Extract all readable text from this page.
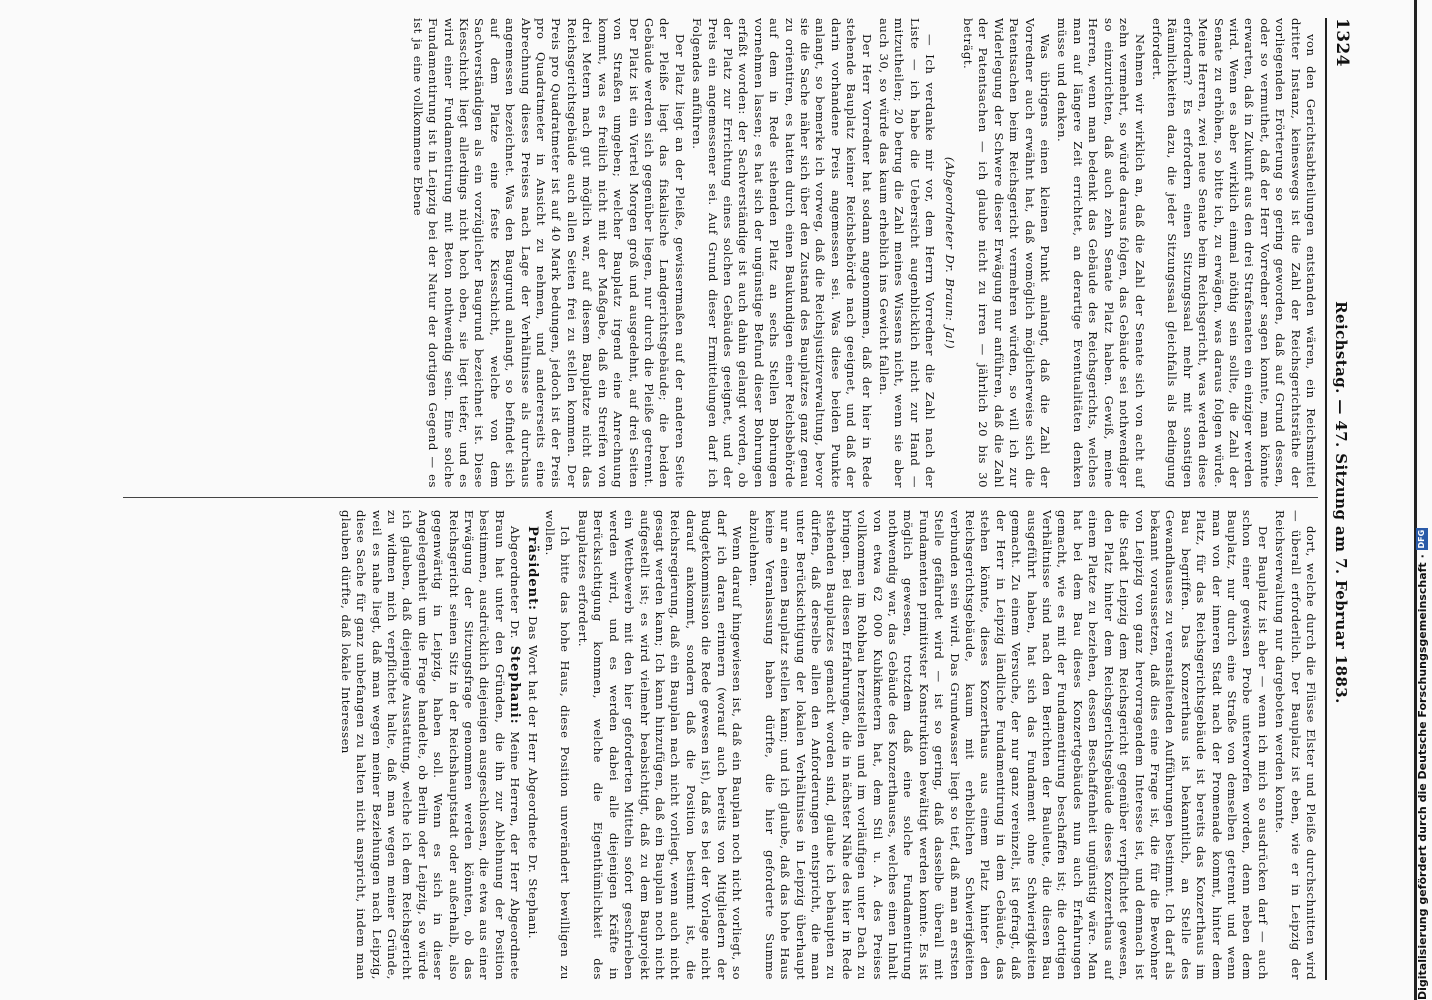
1324
Reichstag. — 47. Sitzung am 7. Februar 1883.

von den Gerichtsabtheilungen entstanden wären, ein Reichsmittel dritter Instanz, keineswegs ist die Zahl der Reichsgerichtsräthe der vorliegenden Erörterung so gering geworden, daß auf Grund dessen, oder so vermuthet, daß der Herr Vorredner sagen konnte, man könnte erwarten, daß in Zukunft aus den drei Strafsenaten ein einziger werden wird. Wenn es aber wirklich einmal nöthig sein sollte, die Zahl der Senate zu erhöhen, so bitte ich, zu erwägen, was daraus folgen würde. Meine Herren, zwei neue Senate beim Reichsgericht, was werden diese erfordern? Es erfordern einen Sitzungssaal mehr mit sonstigen Räumlichkeiten dazu, die jeder Sitzungssaal gleichfalls als Bedingung erfordert.

Nehmen wir wirklich an, daß die Zahl der Senate sich von acht auf zehn vermehrt, so würde daraus folgen, das Gebäude sei nothwendiger so einzurichten, daß auch zehn Senate Platz haben. Gewiß, meine Herren, wenn man bedenkt das Gebäude des Reichsgerichts, welches man auf längere Zeit errichtet, an derartige Eventualitäten denken müsse und denken.

Was übrigens einen kleinen Punkt anlangt, daß die Zahl der Vorredner auch erwähnt hat, daß womöglich möglicherweise sich die Patentsachen beim Reichsgericht vermehren würden, so will ich zur Widerlegung der Schwere dieser Erwägung nur anführen, daß die Zahl der Patentsachen — ich glaube nicht zu irren — jährlich 20 bis 30 beträgt.

(Abgeordneter Dr. Braun: Ja!)

— Ich verdanke mir vor, dem Herrn Vorredner die Zahl nach der Liste — ich habe die Uebersicht augenblicklich nicht zur Hand — mitzutheilen; 20 betrug die Zahl meines Wissens nicht, wenn sie aber auch 30, so würde das kaum erheblich ins Gewicht fallen.

Der Herr Vorredner hat sodann angenommen, daß der hier in Rede stehende Bauplatz keiner Reichsbehörde nach geeignet, und daß der darin vorhandene Preis angemessen sei. Was diese beiden Punkte anlangt, so bemerke ich vorweg, daß die Reichsjustizverwaltung, bevor sie die Sache näher sich über den Zustand des Bauplatzes ganz genau zu orientiren, es hatten durch einen Baukundigen einer Reichsbehörde auf dem in Rede stehenden Platz an sechs Stellen Bohrungen vornehmen lassen; es hat sich der ungünstige Befund dieser Bohrungen erfaßt worden: der Sachverständige ist auch dahin gelangt worden, ob der Platz zur Errichtung eines solchen Gebäudes geeignet, und der Preis ein angemessener sei. Auf Grund dieser Ermittelungen darf ich Folgendes anführen.

Der Platz liegt an der Pleiße, gewissermaßen auf der anderen Seite der Pleiße liegt das fiskalische Landgerichtsgebäude; die beiden Gebäude werden sich gegenüber liegen, nur durch die Pleiße getrennt. Der Platz ist ein Viertel Morgen groß und ausgedehnt, auf drei Seiten von Straßen umgeben; welcher Bauplatz irgend eine Anrechnung kommt, was es freilich nicht mit der Maßgabe, daß ein Streifen von drei Metern nach gut möglich war, auf diesem Bauplatze nicht das Reichsgerichtsgebäude auch allen Seiten frei zu stellen kommen. Der Preis pro Quadratmeter ist auf 40 Mark bedungen, jedoch ist der Preis pro Quadratmeter in Ansicht zu nehmen, und andererseits eine Abrechnung dieses Preises nach Lage der Verhältnisse als durchaus angemessen bezeichnet. Was den Baugrund anlangt, so befindet sich auf dem Platze eine feste Kiesschicht, welche von dem Sachverständigen als ein vorzüglicher Baugrund bezeichnet ist. Diese Kiesschicht liegt allerdings nicht hoch oben, sie liegt tiefer, und es wird einer Fundamentirung mit Beton nothwendig sein. Eine solche Fundamentirung ist in Leipzig bei der Natur der dortigen Gegend — es ist ja eine vollkommene Ebene

dort, welche durch die Flüsse Elster und Pleiße durchschnitten wird — überall erforderlich. Der Bauplatz ist eben, wie er in Leipzig der Reichsverwaltung nur dargeboten werden konnte.

Der Bauplatz ist aber — wenn ich mich so ausdrücken darf — auch schon einer gewissen Probe unterworfen worden, denn neben dem Bauplatz, nur durch eine Straße von demselben getrennt und wenn man von der inneren Stadt nach der Promenade kommt, hinter dem Platz, für das Reichsgerichtsgebäude ist bereits das Konzerthaus im Bau begriffen. Das Konzerthaus ist bekanntlich, an Stelle des Gewandhauses zu veranstaltenden Aufführungen bestimmt. Ich darf als bekannt voraussetzen, daß dies eine Frage ist, die für die Bewohner von Leipzig von ganz hervorragendem Interesse ist, und demnach ist die Stadt Leipzig dem Reichsgericht gegenüber verpflichtet gewesen, den Platz hinter dem Reichsgerichtsgebäude dieses Konzerthaus auf einem Platze zu beziehen, dessen Beschaffenheit ungünstig wäre. Man hat bei dem Bau dieses Konzertgebäudes nun auch Erfahrungen gemacht, wie es mit der Fundamentirung beschaffen ist; die dortigen Verhältnisse sind nach den Berichten der Bauleute, die diesen Bau ausgeführt haben, hat sich das Fundament ohne Schwierigkeiten gemacht. Zu einem Versuche, der nur ganz vereinzelt, ist gefragt, daß der Herr in Leipzig ländliche Fundamentirung in dem Gebäude, das stehen könnte, dieses Konzerthaus aus einem Platz hinter den Reichsgerichtsgebäude, kaum mit erheblichen Schwierigkeiten verbunden sein wird. Das Grundwasser liegt so tief, daß man an ersten Stelle gefährdet wird — ist so gering, daß dasselbe überall mit Fundamenten primitivster Konstruktion bewältigt werden konnte. Es ist möglich gewesen, trotzdem daß eine solche Fundamentirung nothwendig war, das Gebäude des Konzerthauses, welches einen Inhalt von etwa 62 000 Kubikmetern hat, dem Stil u. A. des Preises vollkommen im Rohbau herzustellen und im vorläufigen unter Dach zu bringen. Bei diesen Erfahrungen, die in nächster Nähe des hier in Rede stehenden Bauplatzes gemacht worden sind, glaube ich behaupten zu dürfen, daß derselbe allen den Anforderungen entspricht, die man unter Berücksichtigung der lokalen Verhältnisse in Leipzig überhaupt nur an einen Bauplatz stellen kann; und ich glaube, daß das hohe Haus keine Veranlassung haben dürfte, die hier geforderte Summe abzulehnen.

Wenn darauf hingewiesen ist, daß ein Bauplan noch nicht vorliegt, so darf ich daran erinnern (worauf auch bereits von Mitgliedern der Budgetkommission die Rede gewesen ist), daß es bei der Vorlage nicht darauf ankommt, sondern daß die Position bestimmt ist, die Reichsregierung, daß ein Bauplan nach nicht vorliegt, wenn auch nicht gesagt werden kann; Ich kann hinzufügen, daß ein Bauplan noch nicht aufgestellt ist; es wird vielmehr beabsichtigt, daß zu dem Bauprojekt ein Wettbewerb mit den hier geforderten Mitteln sofort geschrieben werden wird, und es werden dabei alle diejenigen Kräfte in Berücksichtigung kommen, welche die Eigenthümlichkeit des Bauplatzes erfordert.

Ich bitte das hohe Haus, diese Position unverändert bewilligen zu wollen.

Präsident: Das Wort hat der Herr Abgeordnete Dr. Stephani.

Abgeordneter Dr. Stephani: Meine Herren, der Herr Abgeordnete Braun hat unter den Gründen, die ihn zur Ablehnung der Position bestimmen, ausdrücklich diejenigen ausgeschlossen, die etwa aus einer Erwägung der Sitzungsfrage genommen werden könnten, ob das Reichsgericht seinen Sitz in der Reichshauptstadt oder außerhalb, also gegenwärtig in Leipzig, haben soll. Wenn es sich in dieser Angelegenheit um die Frage handelte, ob Berlin oder Leipzig, so würde ich glauben, daß diejenige Ausstattung, welche ich dem Reichsgericht zu widmen mich verpflichtet halte, daß man wegen meiner Gründe, weil es nahe liegt, daß man wegen meiner Beziehungen nach Leipzig, diese Sache für ganz unbefangen zu halten nicht anspricht, indem man glauben dürfte, daß lokale Interessen	Digitalisierung gefördert durch die Deutsche Forschungsgemeinschaft
·
DFG
